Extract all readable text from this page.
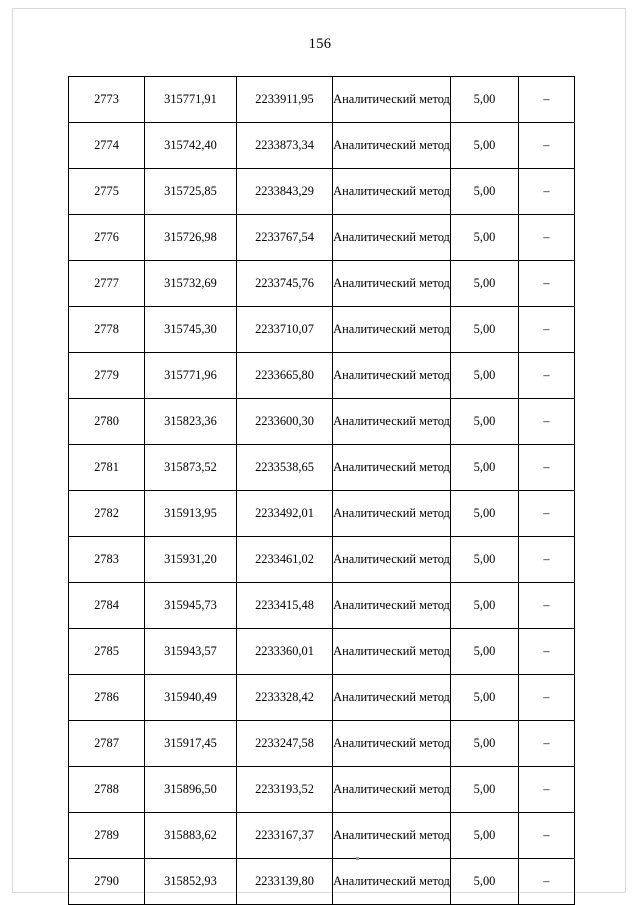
156
2773	315771,91	2233911,95	Аналитический метод	5,00	–
2774	315742,40	2233873,34	Аналитический метод	5,00	–
2775	315725,85	2233843,29	Аналитический метод	5,00	–
2776	315726,98	2233767,54	Аналитический метод	5,00	–
2777	315732,69	2233745,76	Аналитический метод	5,00	–
2778	315745,30	2233710,07	Аналитический метод	5,00	–
2779	315771,96	2233665,80	Аналитический метод	5,00	–
2780	315823,36	2233600,30	Аналитический метод	5,00	–
2781	315873,52	2233538,65	Аналитический метод	5,00	–
2782	315913,95	2233492,01	Аналитический метод	5,00	–
2783	315931,20	2233461,02	Аналитический метод	5,00	–
2784	315945,73	2233415,48	Аналитический метод	5,00	–
2785	315943,57	2233360,01	Аналитический метод	5,00	–
2786	315940,49	2233328,42	Аналитический метод	5,00	–
2787	315917,45	2233247,58	Аналитический метод	5,00	–
2788	315896,50	2233193,52	Аналитический метод	5,00	–
2789	315883,62	2233167,37	Аналитический метод	5,00	–
2790	315852,93	2233139,80	Аналитический метод	5,00	–
